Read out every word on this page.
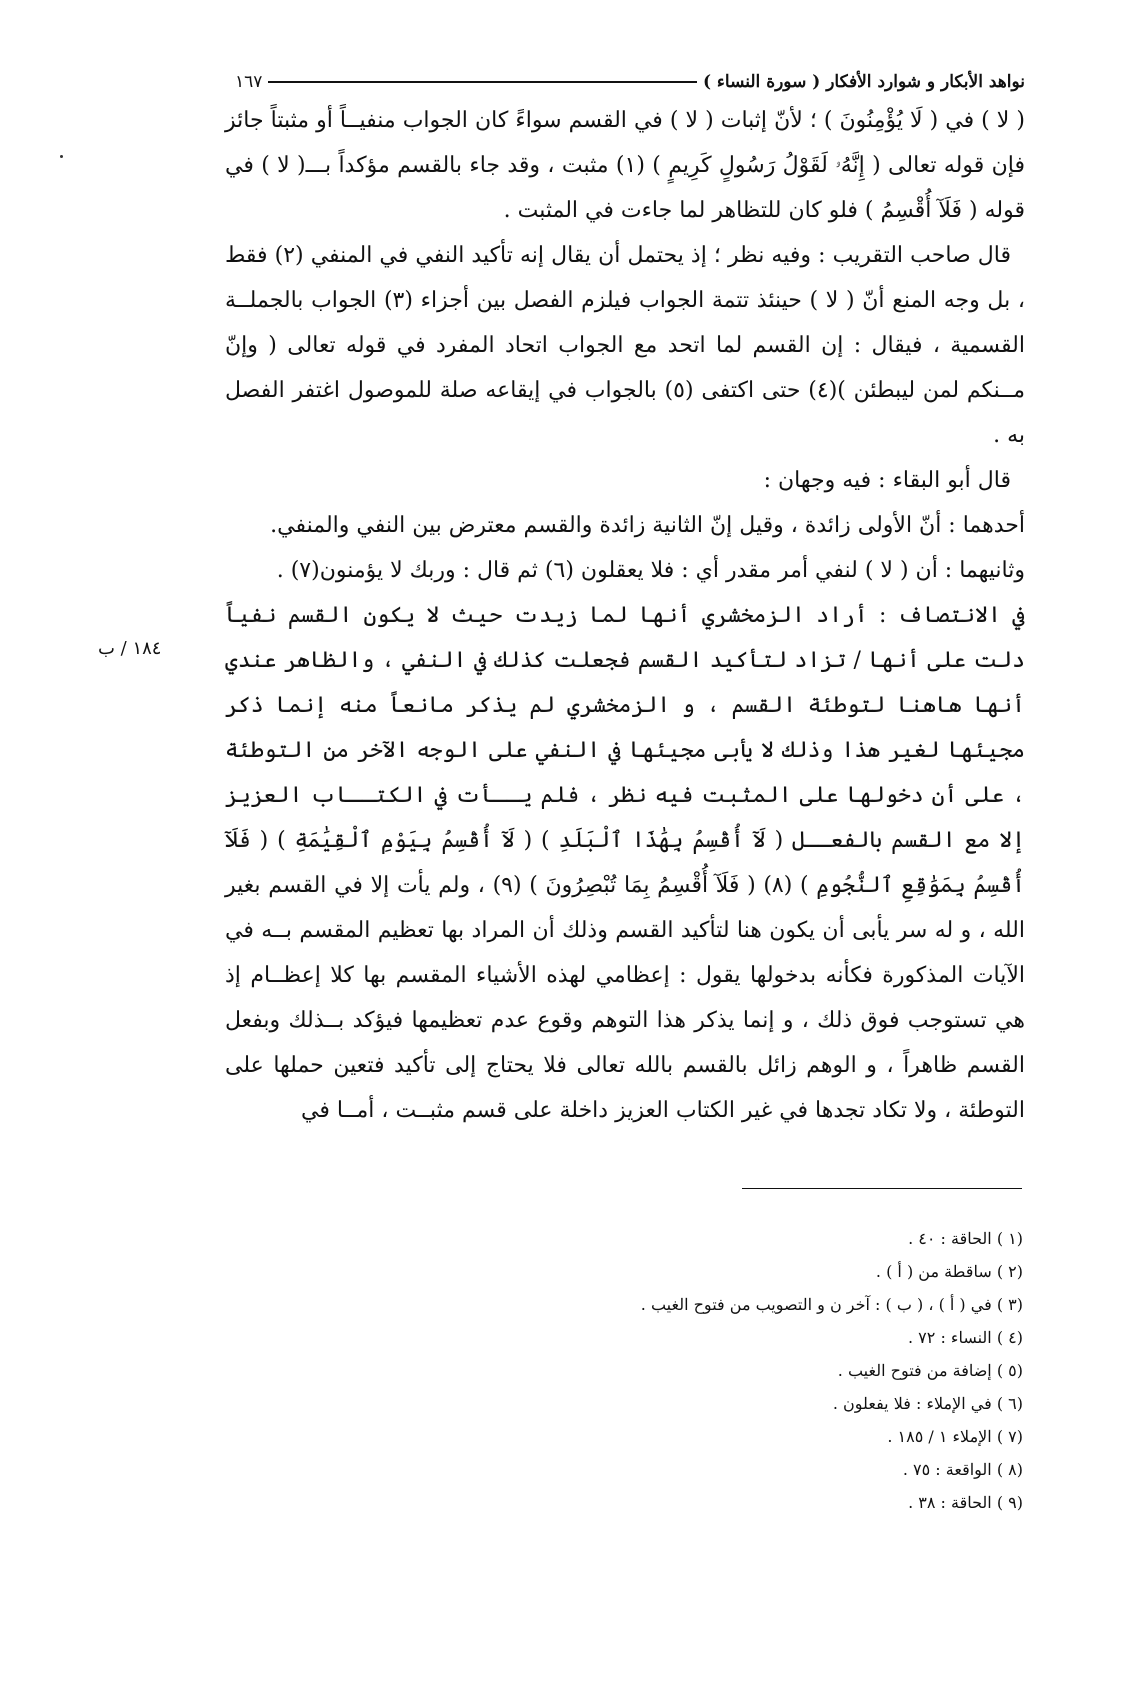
نواهد الأبكار و شوارد الأفكار ( سورة النساء )
١٦٧
١٨٤ / ب

( لا ) في ( لَا يُؤْمِنُونَ ) ؛ لأنّ إثبات ( لا ) في القسم سواءً كان الجواب منفيــاً أو مثبتاً جائز فإن قوله تعالى ( إِنَّهُۥ لَقَوْلُ رَسُولٍ كَرِيمٍ ) (١) مثبت ، وقد جاء بالقسم مؤكداً بـــ( لا ) في قوله ( فَلَآ أُقْسِمُ ) فلو كان للتظاهر لما جاءت في المثبت .

قال صاحب التقريب : وفيه نظر ؛ إذ يحتمل أن يقال إنه تأكيد النفي في المنفي (٢) فقط ، بل وجه المنع أنّ ( لا ) حينئذ تتمة الجواب فيلزم الفصل بين أجزاء (٣) الجواب بالجملــة القسمية ، فيقال : إن القسم لما اتحد مع الجواب اتحاد المفرد في قوله تعالى ( وإنّ مــنكم لمن ليبطئن )(٤) حتى اكتفى (٥) بالجواب في إيقاعه صلة للموصول اغتفر الفصل به .

قال أبو البقاء : فيه وجهان :

أحدهما : أنّ الأولى زائدة ، وقيل إنّ الثانية زائدة والقسم معترض بين النفي والمنفي.

وثانيهما : أن ( لا ) لنفي أمر مقدر أي : فلا يعقلون (٦) ثم قال : وربك لا يؤمنون(٧) .

في الانتصاف : أراد الزمخشري أنها لما زيدت حيث لا يكون القسم نفياً دلت على أنها / تزاد لتأكيد القسم فجعلت كذلك في النفي ، والظاهر عندي أنها هاهنا لتوطئة القسم ، و الزمخشري لم يذكر مانعاً منه إنما ذكر مجيئها لغير هذا وذلك لا يأبى مجيئها في النفي على الوجه الآخر من التوطئة ، على أن دخولها على المثبت فيه نظر ، فلم يــأت في الكتــاب العزيز إلا مع القسم بالفعــل ( لَآ أُقْسِمُ بِهَٰذَا ٱلْبَلَدِ ) ( لَآ أُقْسِمُ بِيَوْمِ ٱلْقِيَٰمَةِ ) ( فَلَآ أُقْسِمُ بِمَوَٰقِعِ ٱلنُّجُومِ ) (٨) ( فَلَآ أُقْسِمُ بِمَا تُبْصِرُونَ ) (٩) ، ولم يأت إلا في القسم بغير الله ، و له سر يأبى أن يكون هنا لتأكيد القسم وذلك أن المراد بها تعظيم المقسم بــه في الآيات المذكورة فكأنه بدخولها يقول : إعظامي لهذه الأشياء المقسم بها كلا إعظــام إذ هي تستوجب فوق ذلك ، و إنما يذكر هذا التوهم وقوع عدم تعظيمها فيؤكد بــذلك وبفعل القسم ظاهراً ، و الوهم زائل بالقسم بالله تعالى فلا يحتاج إلى تأكيد فتعين حملها على التوطئة ، ولا تكاد تجدها في غير الكتاب العزيز داخلة على قسم مثبــت ، أمــا في

(١ ) الحاقة : ٤٠ .
(٢ ) ساقطة من ( أ ) .
(٣ ) في ( أ ) ، ( ب ) : آخر ن و التصويب من فتوح الغيب .
(٤ ) النساء : ٧٢ .
(٥ ) إضافة من فتوح الغيب .
(٦ ) في الإملاء : فلا يفعلون .
(٧ ) الإملاء ١ / ١٨٥ .
(٨ ) الواقعة : ٧٥ .
(٩ ) الحاقة : ٣٨ .
